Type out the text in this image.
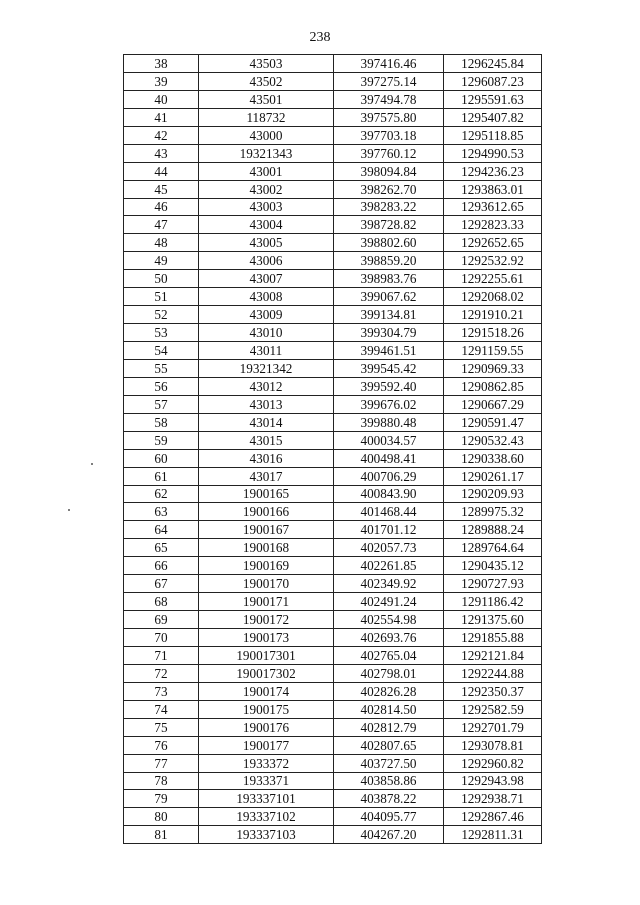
238
38	43503	397416.46	1296245.84
39	43502	397275.14	1296087.23
40	43501	397494.78	1295591.63
41	118732	397575.80	1295407.82
42	43000	397703.18	1295118.85
43	19321343	397760.12	1294990.53
44	43001	398094.84	1294236.23
45	43002	398262.70	1293863.01
46	43003	398283.22	1293612.65
47	43004	398728.82	1292823.33
48	43005	398802.60	1292652.65
49	43006	398859.20	1292532.92
50	43007	398983.76	1292255.61
51	43008	399067.62	1292068.02
52	43009	399134.81	1291910.21
53	43010	399304.79	1291518.26
54	43011	399461.51	1291159.55
55	19321342	399545.42	1290969.33
56	43012	399592.40	1290862.85
57	43013	399676.02	1290667.29
58	43014	399880.48	1290591.47
59	43015	400034.57	1290532.43
60	43016	400498.41	1290338.60
61	43017	400706.29	1290261.17
62	1900165	400843.90	1290209.93
63	1900166	401468.44	1289975.32
64	1900167	401701.12	1289888.24
65	1900168	402057.73	1289764.64
66	1900169	402261.85	1290435.12
67	1900170	402349.92	1290727.93
68	1900171	402491.24	1291186.42
69	1900172	402554.98	1291375.60
70	1900173	402693.76	1291855.88
71	190017301	402765.04	1292121.84
72	190017302	402798.01	1292244.88
73	1900174	402826.28	1292350.37
74	1900175	402814.50	1292582.59
75	1900176	402812.79	1292701.79
76	1900177	402807.65	1293078.81
77	1933372	403727.50	1292960.82
78	1933371	403858.86	1292943.98
79	193337101	403878.22	1292938.71
80	193337102	404095.77	1292867.46
81	193337103	404267.20	1292811.31
